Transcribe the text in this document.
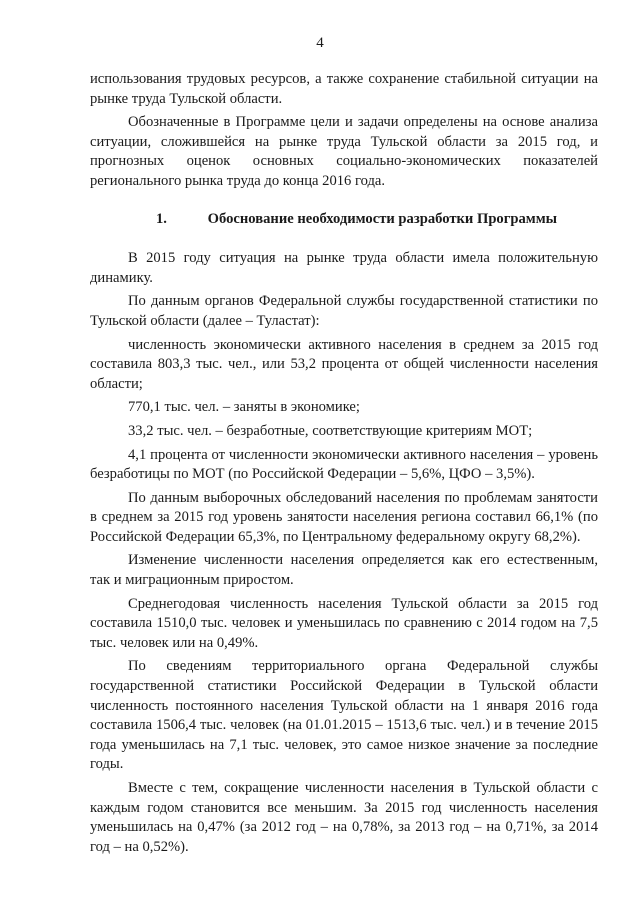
4

использования трудовых ресурсов, а также сохранение стабильной ситуации на рынке труда Тульской области.

Обозначенные в Программе цели и задачи определены на основе анализа ситуации, сложившейся на рынке труда Тульской области за 2015 год, и прогнозных оценок основных социально-экономических показателей регионального рынка труда до конца 2016 года.

1.	Обоснование необходимости разработки Программы

В 2015 году ситуация на рынке труда области имела положительную динамику.

По данным органов Федеральной службы государственной статистики по Тульской области (далее – Туластат):

численность экономически активного населения в среднем за 2015 год составила 803,3 тыс. чел., или 53,2 процента от общей численности населения области;

770,1 тыс. чел. – заняты в экономике;

33,2 тыс. чел. – безработные, соответствующие критериям МОТ;

4,1 процента от численности экономически активного населения – уровень безработицы по МОТ (по Российской Федерации – 5,6%, ЦФО – 3,5%).

По данным выборочных обследований населения по проблемам занятости в среднем за 2015 год уровень занятости населения региона составил 66,1% (по Российской Федерации 65,3%, по Центральному федеральному округу 68,2%).

Изменение численности населения определяется как его естественным, так и миграционным приростом.

Среднегодовая численность населения Тульской области за 2015 год составила 1510,0 тыс. человек и уменьшилась по сравнению с 2014 годом на 7,5 тыс. человек или на 0,49%.

По сведениям территориального органа Федеральной службы государственной статистики Российской Федерации в Тульской области численность постоянного населения Тульской области на 1 января 2016 года составила 1506,4 тыс. человек (на 01.01.2015 – 1513,6 тыс. чел.) и в течение 2015 года уменьшилась на 7,1 тыс. человек, это самое низкое значение за последние годы.

Вместе с тем, сокращение численности населения в Тульской области с каждым годом становится все меньшим. За 2015 год численность населения уменьшилась на 0,47% (за 2012 год – на 0,78%, за 2013 год – на 0,71%, за 2014 год – на 0,52%).
